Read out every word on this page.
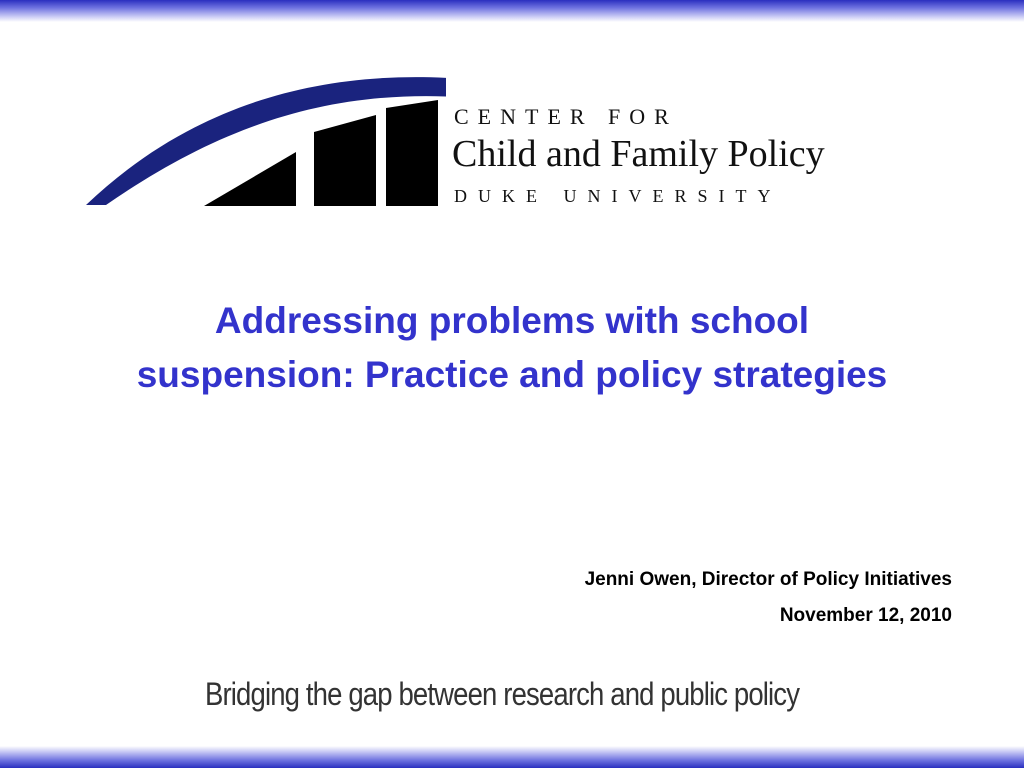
CENTER FOR
Child and Family Policy
DUKE UNIVERSITY
Addressing problems with school
suspension: Practice and policy strategies
Jenni Owen, Director of Policy Initiatives
November 12, 2010
Bridging the gap between research and public policy
